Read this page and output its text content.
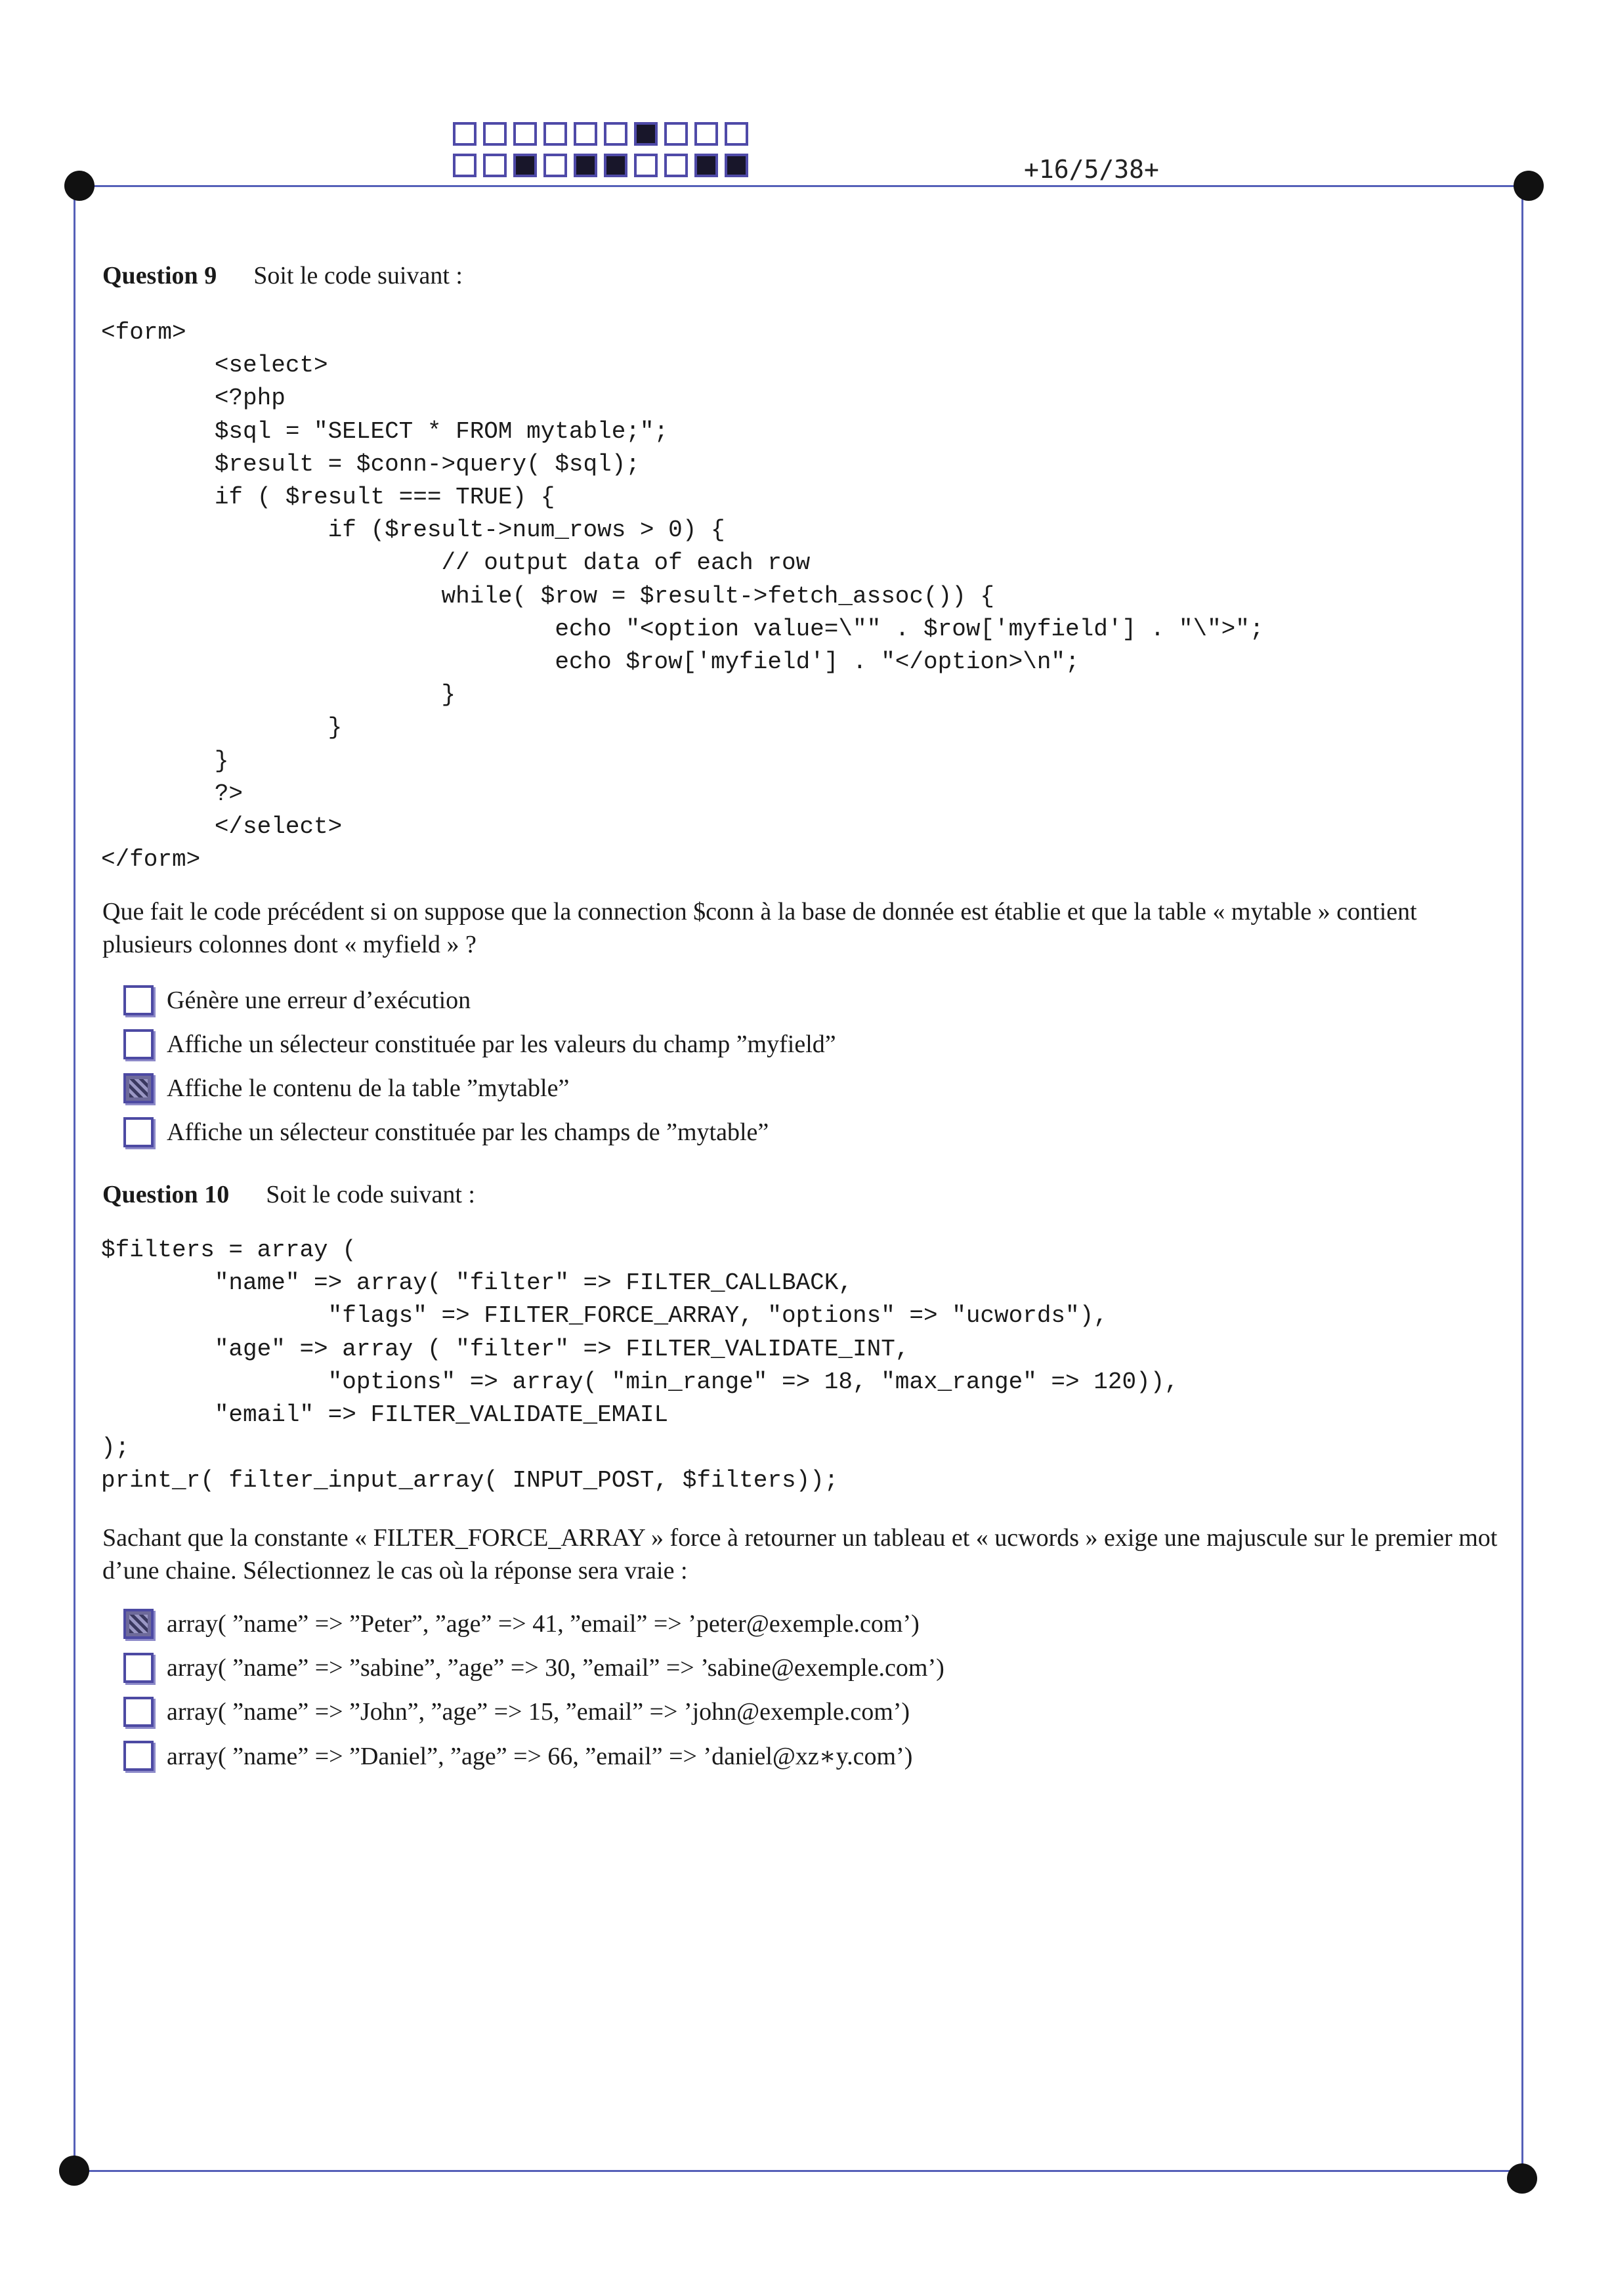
+16/5/38+
Question 9 Soit le code suivant :
<form>
<select>
<?php
$sql = "SELECT * FROM mytable;";
$result = $conn->query( $sql);
if ( $result === TRUE) {
if ($result->num_rows > 0) {
// output data of each row
while( $row = $result->fetch_assoc()) {
echo "<option value=\"" . $row['myfield'] . "\">";
echo $row['myfield'] . "</option>\n";
}
}
}
?>
</select>
</form>

Que fait le code précédent si on suppose que la connection $conn à la base de donnée est établie et que la table « mytable » contient plusieurs colonnes dont « myfield » ?

Génère une erreur d’exécution
Affiche un sélecteur constituée par les valeurs du champ ”myfield”
Affiche le contenu de la table ”mytable”
Affiche un sélecteur constituée par les champs de ”mytable”
Question 10 Soit le code suivant :
$filters = array (
"name" => array( "filter" => FILTER_CALLBACK,
"flags" => FILTER_FORCE_ARRAY, "options" => "ucwords"),
"age" => array ( "filter" => FILTER_VALIDATE_INT,
"options" => array( "min_range" => 18, "max_range" => 120)),
"email" => FILTER_VALIDATE_EMAIL
);
print_r( filter_input_array( INPUT_POST, $filters));

Sachant que la constante « FILTER_FORCE_ARRAY » force à retourner un tableau et « ucwords » exige une majuscule sur le premier mot d’une chaine. Sélectionnez le cas où la réponse sera vraie :

array( ”name” => ”Peter”, ”age” => 41, ”email” => ’peter@exemple.com’)
array( ”name” => ”sabine”, ”age” => 30, ”email” => ’sabine@exemple.com’)
array( ”name” => ”John”, ”age” => 15, ”email” => ’john@exemple.com’)
array( ”name” => ”Daniel”, ”age” => 66, ”email” => ’daniel@xz∗y.com’)
